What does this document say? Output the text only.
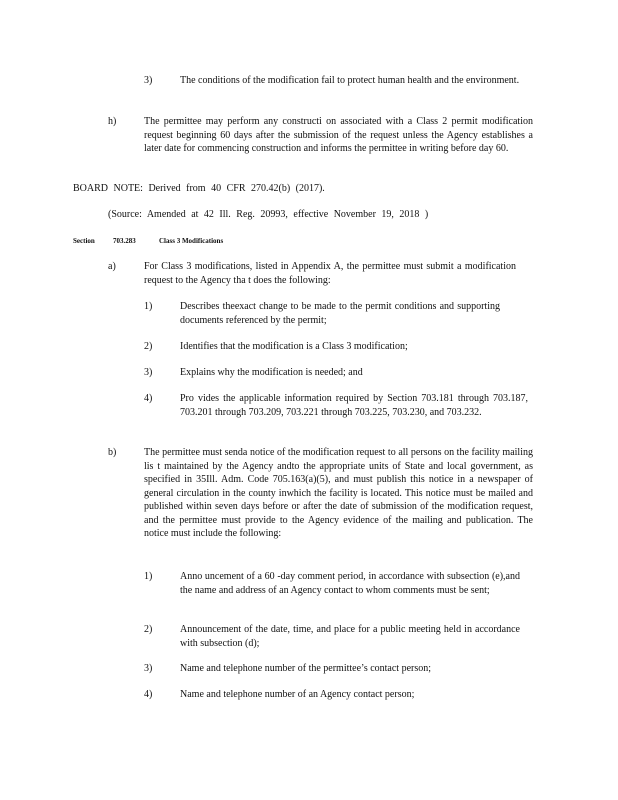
3)	The conditions of the modification fail to protect human health and the environment.
h)	The permittee may perform any constructi on associated with a Class 2 permit modification request beginning 60 days after the submission of the request unless the Agency establishes a later date for commencing construction and informs the permittee in writing before day 60.
BOARD NOTE: Derived from 40 CFR 270.42(b) (2017).
(Source: Amended at 42 Ill. Reg. 20993, effective November 19, 2018 )
Section	703.283	Class 3 Modifications
a)	For Class 3 modifications, listed in Appendix A, the permittee must submit a modification request to the Agency tha t does the following:
1)	Describes theexact change to be made to the permit conditions and supporting documents referenced by the permit;
2)	Identifies that the modification is a Class 3 modification;
3)	Explains why the modification is needed; and
4)	Pro vides the applicable information required by Section 703.181 through 703.187, 703.201 through 703.209, 703.221 through 703.225, 703.230, and 703.232.
b)	The permittee must senda notice of the modification request to all persons on the facility mailing lis t maintained by the Agency andto the appropriate units of State and local government, as specified in 35Ill. Adm. Code 705.163(a)(5), and must publish this notice in a newspaper of general circulation in the county inwhich the facility is located. This notice must be mailed and published within seven days before or after the date of submission of the modification request, and the permittee must provide to the Agency evidence of the mailing and publication. The notice must include the following:
1)	Anno uncement of a 60 -day comment period, in accordance with subsection (e),and the name and address of an Agency contact to whom comments must be sent;
2)	Announcement of the date, time, and place for a public meeting held in accordance with subsection (d);
3)	Name and telephone number of the permittee’s contact person;
4)	Name and telephone number of an Agency contact person;
